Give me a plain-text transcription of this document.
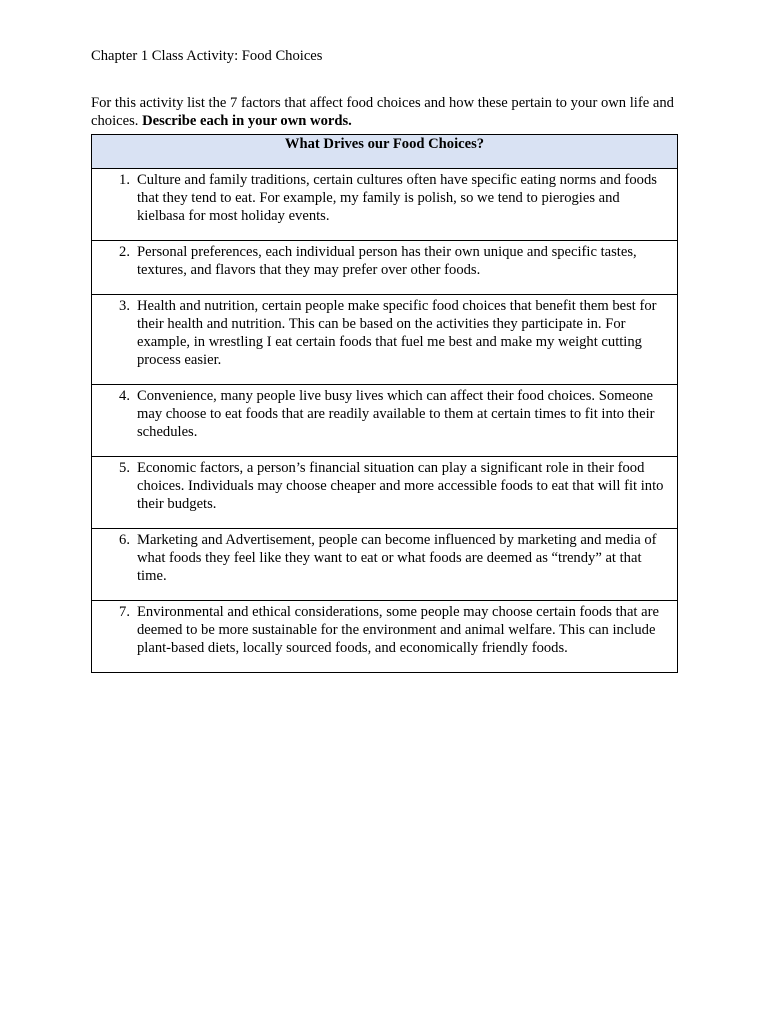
Chapter 1 Class Activity: Food Choices

For this activity list the 7 factors that affect food choices and how these pertain to your own life and choices. Describe each in your own words.

What Drives our Food Choices?

1. Culture and family traditions, certain cultures often have specific eating norms and foods that they tend to eat. For example, my family is polish, so we tend to pierogies and kielbasa for most holiday events.

2. Personal preferences, each individual person has their own unique and specific tastes, textures, and flavors that they may prefer over other foods.

3. Health and nutrition, certain people make specific food choices that benefit them best for their health and nutrition. This can be based on the activities they participate in. For example, in wrestling I eat certain foods that fuel me best and make my weight cutting process easier.

4. Convenience, many people live busy lives which can affect their food choices. Someone may choose to eat foods that are readily available to them at certain times to fit into their schedules.

5. Economic factors, a person’s financial situation can play a significant role in their food choices. Individuals may choose cheaper and more accessible foods to eat that will fit into their budgets.

6. Marketing and Advertisement, people can become influenced by marketing and media of what foods they feel like they want to eat or what foods are deemed as “trendy” at that time.

7. Environmental and ethical considerations, some people may choose certain foods that are deemed to be more sustainable for the environment and animal welfare. This can include plant-based diets, locally sourced foods, and economically friendly foods.
